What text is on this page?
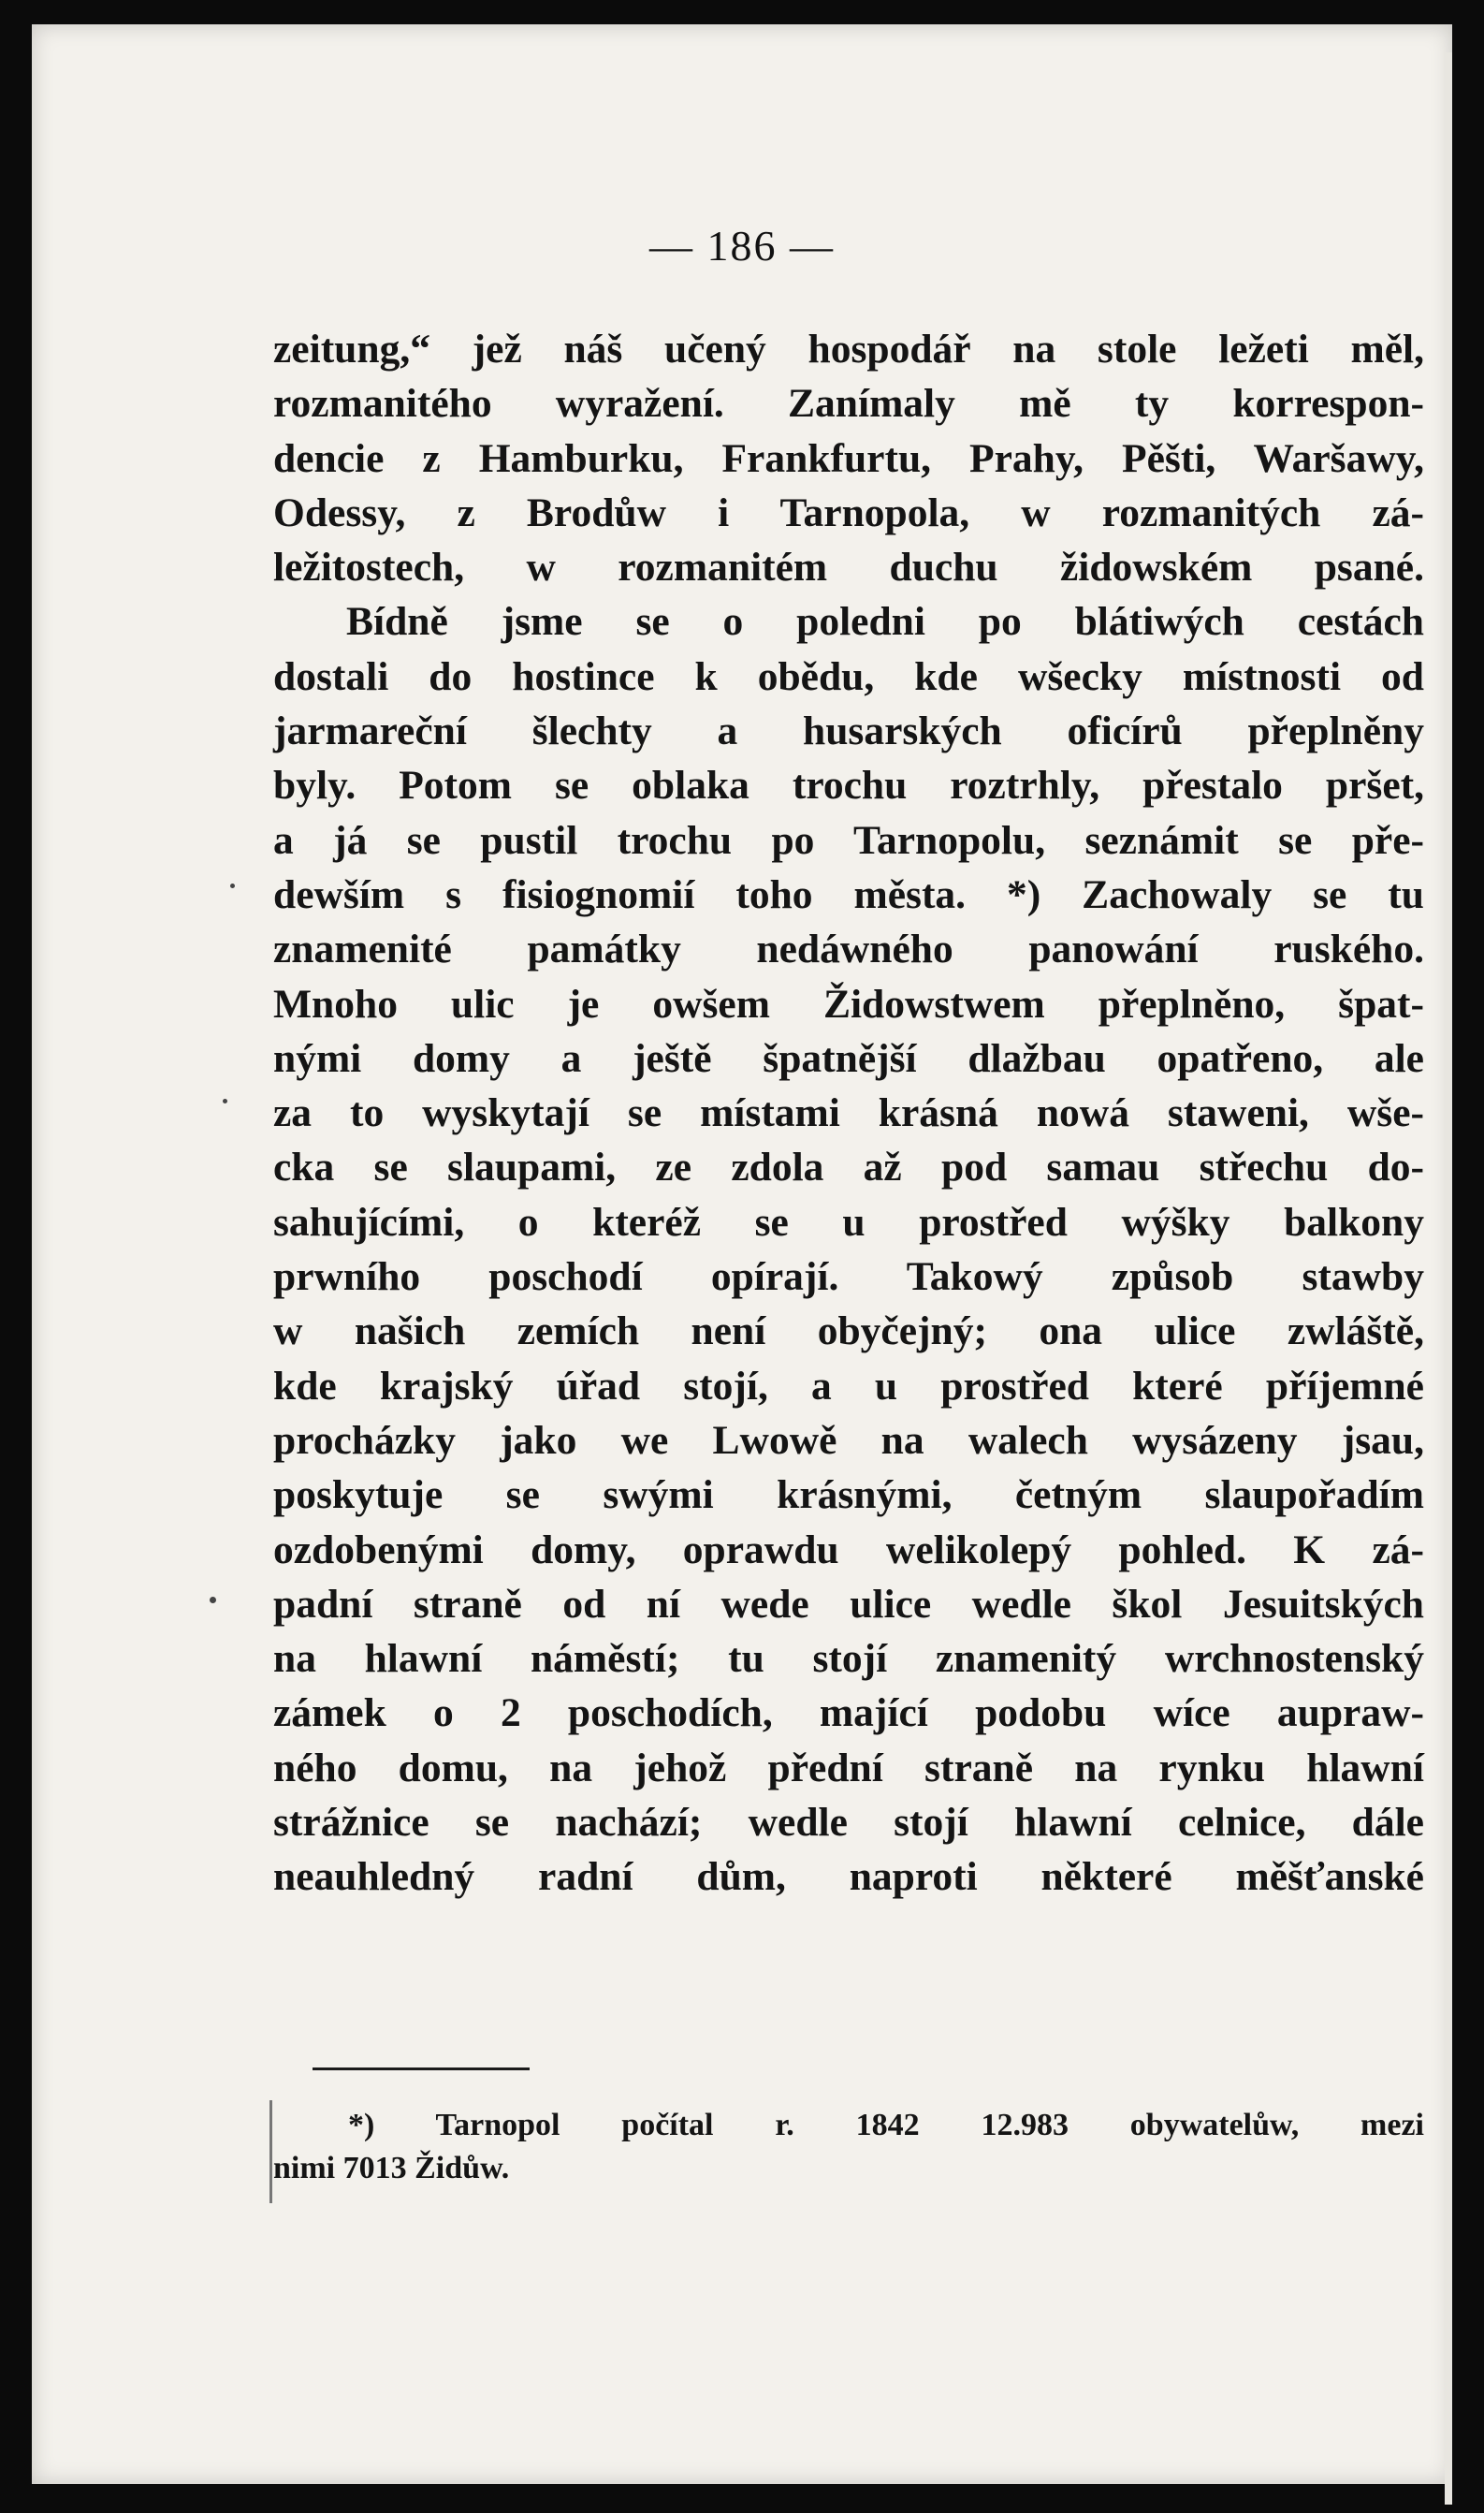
— 186 —
zeitung,“ jež náš učený hospodář na stole ležeti měl,
rozmanitého wyražení. Zanímaly mě ty korrespon-
dencie z Hamburku, Frankfurtu, Prahy, Pěšti, Waršawy,
Odessy, z Brodůw i Tarnopola, w rozmanitých zá-
ležitostech, w rozmanitém duchu židowském psané.
Bídně jsme se o poledni po blátiwých cestách
dostali do hostince k obědu, kde wšecky místnosti od
jarmareční šlechty a husarských oficírů přeplněny
byly. Potom se oblaka trochu roztrhly, přestalo pršet,
a já se pustil trochu po Tarnopolu, seznámit se pře-
dewším s fisiognomií toho města. *) Zachowaly se tu
znamenité památky nedáwného panowání ruského.
Mnoho ulic je owšem Židowstwem přeplněno, špat-
nými domy a ještě špatnější dlažbau opatřeno, ale
za to wyskytají se místami krásná nowá staweni, wše-
cka se slaupami, ze zdola až pod samau střechu do-
sahujícími, o kteréž se u prostřed wýšky balkony
prwního poschodí opírají. Takowý způsob stawby
w našich zemích není obyčejný; ona ulice zwláště,
kde krajský úřad stojí, a u prostřed které příjemné
procházky jako we Lwowě na walech wysázeny jsau,
poskytuje se swými krásnými, četným slaupořadím
ozdobenými domy, oprawdu welikolepý pohled. K zá-
padní straně od ní wede ulice wedle škol Jesuitských
na hlawní náměstí; tu stojí znamenitý wrchnostenský
zámek o 2 poschodích, mající podobu wíce aupraw-
ného domu, na jehož přední straně na rynku hlawní
strážnice se nachází; wedle stojí hlawní celnice, dále
neauhledný radní dům, naproti některé měšťanské
*) Tarnopol počítal r. 1842 12.983 obywatelůw, mezi
nimi 7013 Židůw.
